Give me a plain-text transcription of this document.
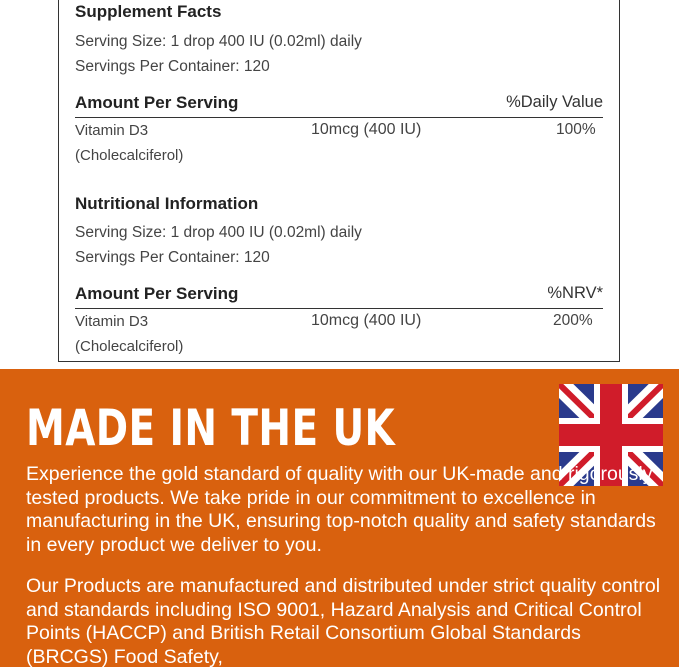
Supplement Facts
Serving Size: 1 drop 400 IU (0.02ml) daily
Servings Per Container: 120
Amount Per Serving	%Daily Value
Vitamin D3
(Cholecalciferol)
10mcg (400 IU)	100%
Nutritional Information
Serving Size: 1 drop 400 IU (0.02ml) daily
Servings Per Container: 120
Amount Per Serving	%NRV*
Vitamin D3
(Cholecalciferol)
10mcg (400 IU)	200%
MADE IN THE UK
Experience the gold standard of quality with our UK-made and rigorously tested products. We take pride in our commitment to excellence in manufacturing in the UK, ensuring top-notch quality and safety standards in every product we deliver to you.
Our Products are manufactured and distributed under strict quality control and standards including ISO 9001, Hazard Analysis and Critical Control Points (HACCP) and British Retail Consortium Global Standards (BRCGS) Food Safety,
